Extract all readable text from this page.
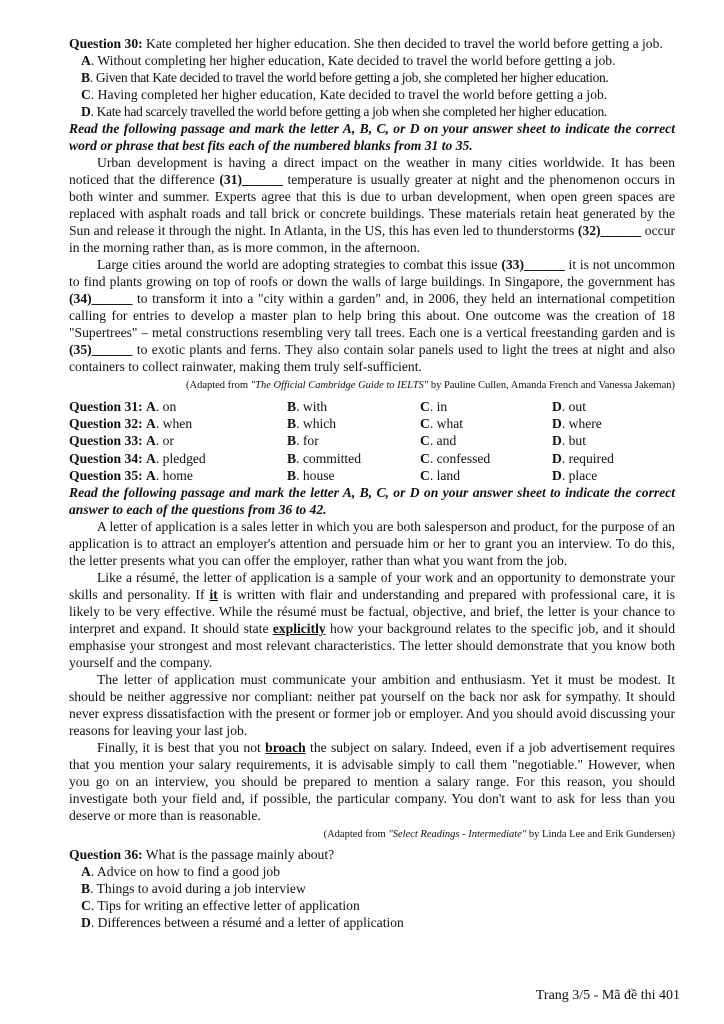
Question 30: Kate completed her higher education. She then decided to travel the world before getting a job.
A. Without completing her higher education, Kate decided to travel the world before getting a job.
B. Given that Kate decided to travel the world before getting a job, she completed her higher education.
C. Having completed her higher education, Kate decided to travel the world before getting a job.
D. Kate had scarcely travelled the world before getting a job when she completed her higher education.
Read the following passage and mark the letter A, B, C, or D on your answer sheet to indicate the correct word or phrase that best fits each of the numbered blanks from 31 to 35.
Urban development is having a direct impact on the weather in many cities worldwide. It has been noticed that the difference (31)______ temperature is usually greater at night and the phenomenon occurs in both winter and summer. Experts agree that this is due to urban development, when open green spaces are replaced with asphalt roads and tall brick or concrete buildings. These materials retain heat generated by the Sun and release it through the night. In Atlanta, in the US, this has even led to thunderstorms (32)______ occur in the morning rather than, as is more common, in the afternoon.
Large cities around the world are adopting strategies to combat this issue (33)______ it is not uncommon to find plants growing on top of roofs or down the walls of large buildings. In Singapore, the government has (34)______ to transform it into a "city within a garden" and, in 2006, they held an international competition calling for entries to develop a master plan to help bring this about. One outcome was the creation of 18 "Supertrees" – metal constructions resembling very tall trees. Each one is a vertical freestanding garden and is (35)______ to exotic plants and ferns. They also contain solar panels used to light the trees at night and also containers to collect rainwater, making them truly self-sufficient.
(Adapted from "The Official Cambridge Guide to IELTS" by Pauline Cullen, Amanda French and Vanessa Jakeman)
Question 31: A. on	B. with	C. in	D. out
Question 32: A. when	B. which	C. what	D. where
Question 33: A. or	B. for	C. and	D. but
Question 34: A. pledged	B. committed	C. confessed	D. required
Question 35: A. home	B. house	C. land	D. place
Read the following passage and mark the letter A, B, C, or D on your answer sheet to indicate the correct answer to each of the questions from 36 to 42.
A letter of application is a sales letter in which you are both salesperson and product, for the purpose of an application is to attract an employer's attention and persuade him or her to grant you an interview. To do this, the letter presents what you can offer the employer, rather than what you want from the job.
Like a résumé, the letter of application is a sample of your work and an opportunity to demonstrate your skills and personality. If it is written with flair and understanding and prepared with professional care, it is likely to be very effective. While the résumé must be factual, objective, and brief, the letter is your chance to interpret and expand. It should state explicitly how your background relates to the specific job, and it should emphasise your strongest and most relevant characteristics. The letter should demonstrate that you know both yourself and the company.
The letter of application must communicate your ambition and enthusiasm. Yet it must be modest. It should be neither aggressive nor compliant: neither pat yourself on the back nor ask for sympathy. It should never express dissatisfaction with the present or former job or employer. And you should avoid discussing your reasons for leaving your last job.
Finally, it is best that you not broach the subject on salary. Indeed, even if a job advertisement requires that you mention your salary requirements, it is advisable simply to call them "negotiable." However, when you go on an interview, you should be prepared to mention a salary range. For this reason, you should investigate both your field and, if possible, the particular company. You don't want to ask for less than you deserve or more than is reasonable.
(Adapted from "Select Readings - Intermediate" by Linda Lee and Erik Gundersen)
Question 36: What is the passage mainly about?
A. Advice on how to find a good job
B. Things to avoid during a job interview
C. Tips for writing an effective letter of application
D. Differences between a résumé and a letter of application
Trang 3/5 - Mã đề thi 401
